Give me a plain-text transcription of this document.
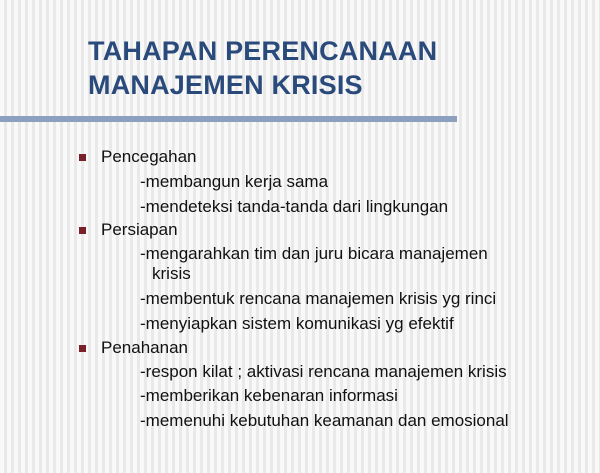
TAHAPAN PERENCANAAN
MANAJEMEN KRISIS

Pencegahan

-membangun kerja sama

-mendeteksi tanda-tanda dari lingkungan

Persiapan

-mengarahkan tim dan juru bicara manajemen

krisis

-membentuk rencana manajemen krisis yg rinci

-menyiapkan sistem komunikasi yg efektif

Penahanan

-respon kilat ; aktivasi rencana manajemen krisis

-memberikan kebenaran informasi

-memenuhi kebutuhan keamanan dan emosional
